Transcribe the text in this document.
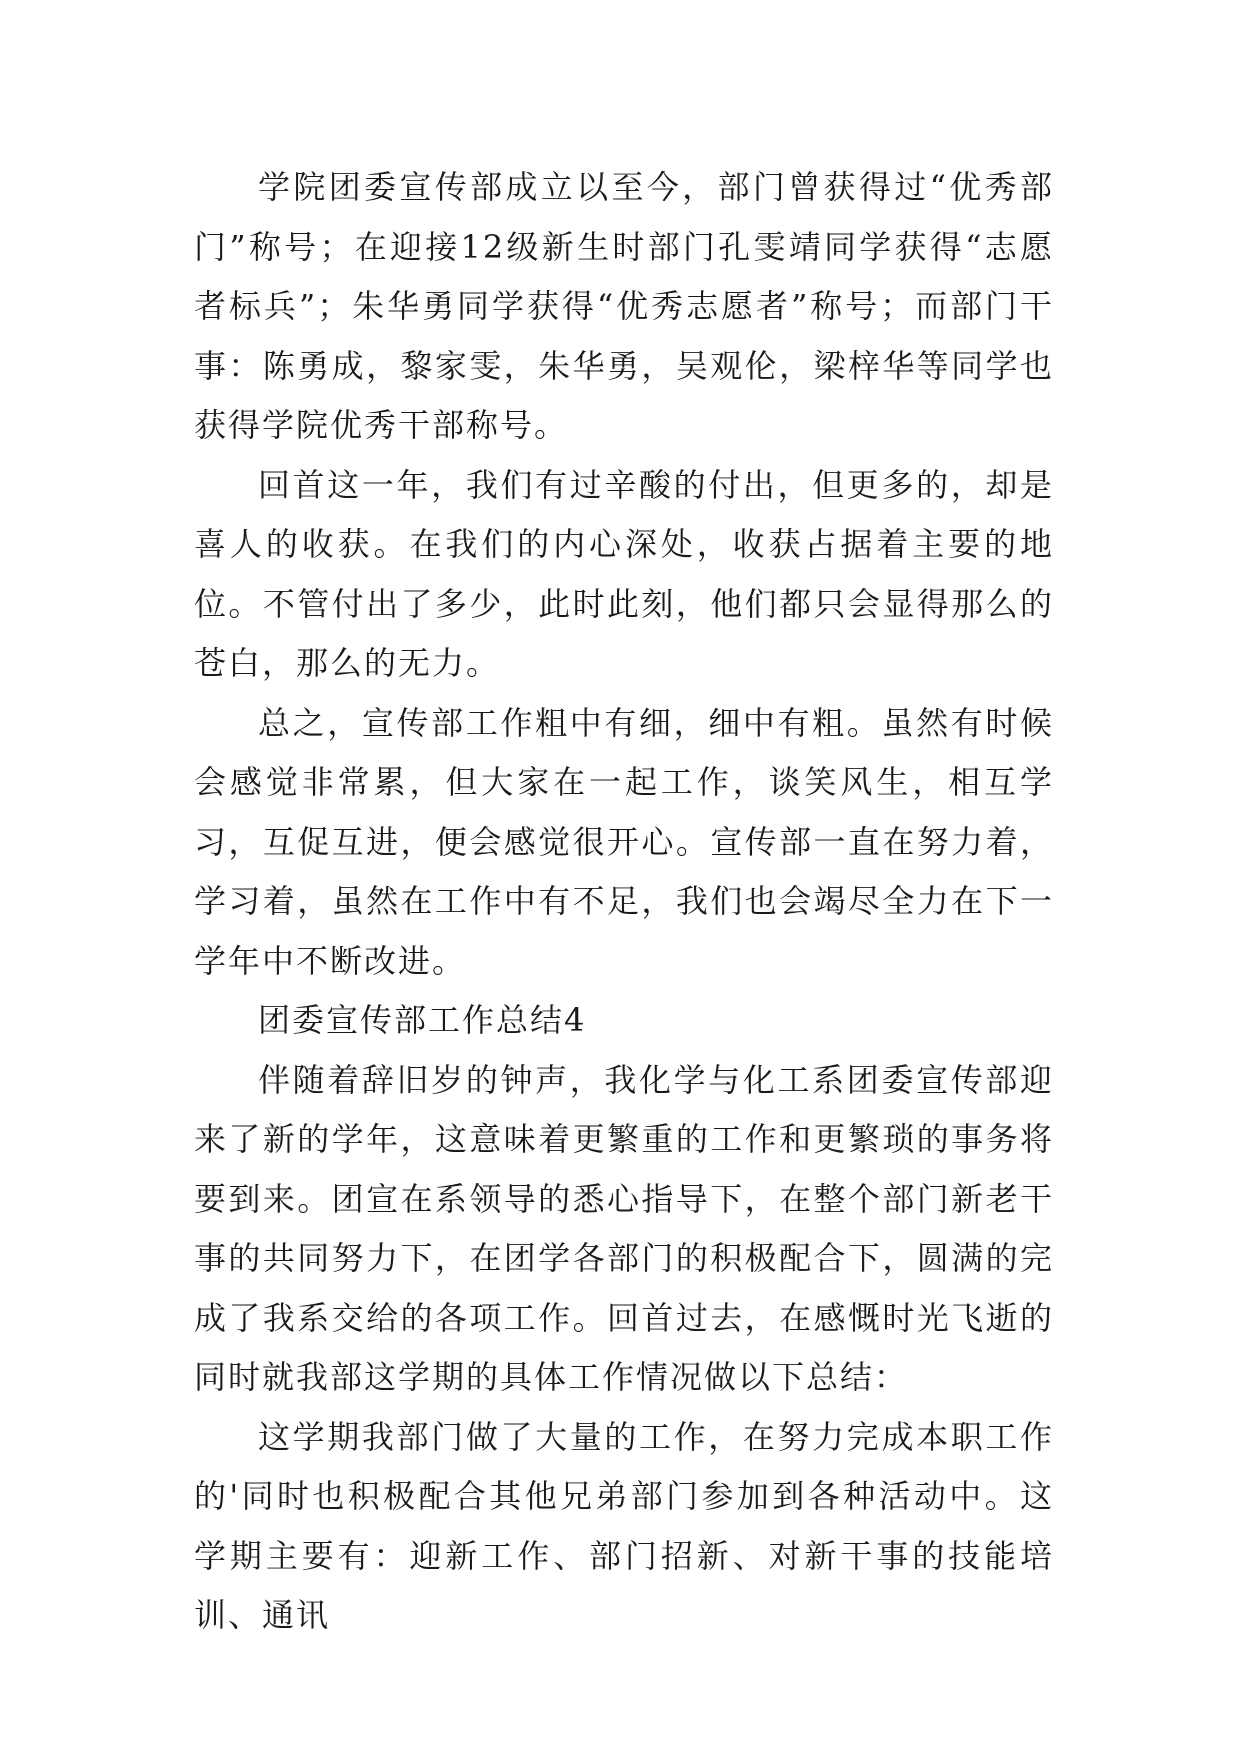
学院团委宣传部成立以至今，部门曾获得过“优秀部门”称号；在迎接12级新生时部门孔雯靖同学获得“志愿者标兵”；朱华勇同学获得“优秀志愿者”称号；而部门干事：陈勇成，黎家雯，朱华勇，吴观伦，梁梓华等同学也获得学院优秀干部称号。

回首这一年，我们有过辛酸的付出，但更多的，却是喜人的收获。在我们的内心深处，收获占据着主要的地位。不管付出了多少，此时此刻，他们都只会显得那么的苍白，那么的无力。

总之，宣传部工作粗中有细，细中有粗。虽然有时候会感觉非常累，但大家在一起工作，谈笑风生，相互学习，互促互进，便会感觉很开心。宣传部一直在努力着，学习着，虽然在工作中有不足，我们也会竭尽全力在下一学年中不断改进。

团委宣传部工作总结4

伴随着辞旧岁的钟声，我化学与化工系团委宣传部迎来了新的学年，这意味着更繁重的工作和更繁琐的事务将要到来。团宣在系领导的悉心指导下，在整个部门新老干事的共同努力下，在团学各部门的积极配合下，圆满的完成了我系交给的各项工作。回首过去，在感慨时光飞逝的同时就我部这学期的具体工作情况做以下总结：

这学期我部门做了大量的工作，在努力完成本职工作的'同时也积极配合其他兄弟部门参加到各种活动中。这学期主要有：迎新工作、部门招新、对新干事的技能培训、通讯
